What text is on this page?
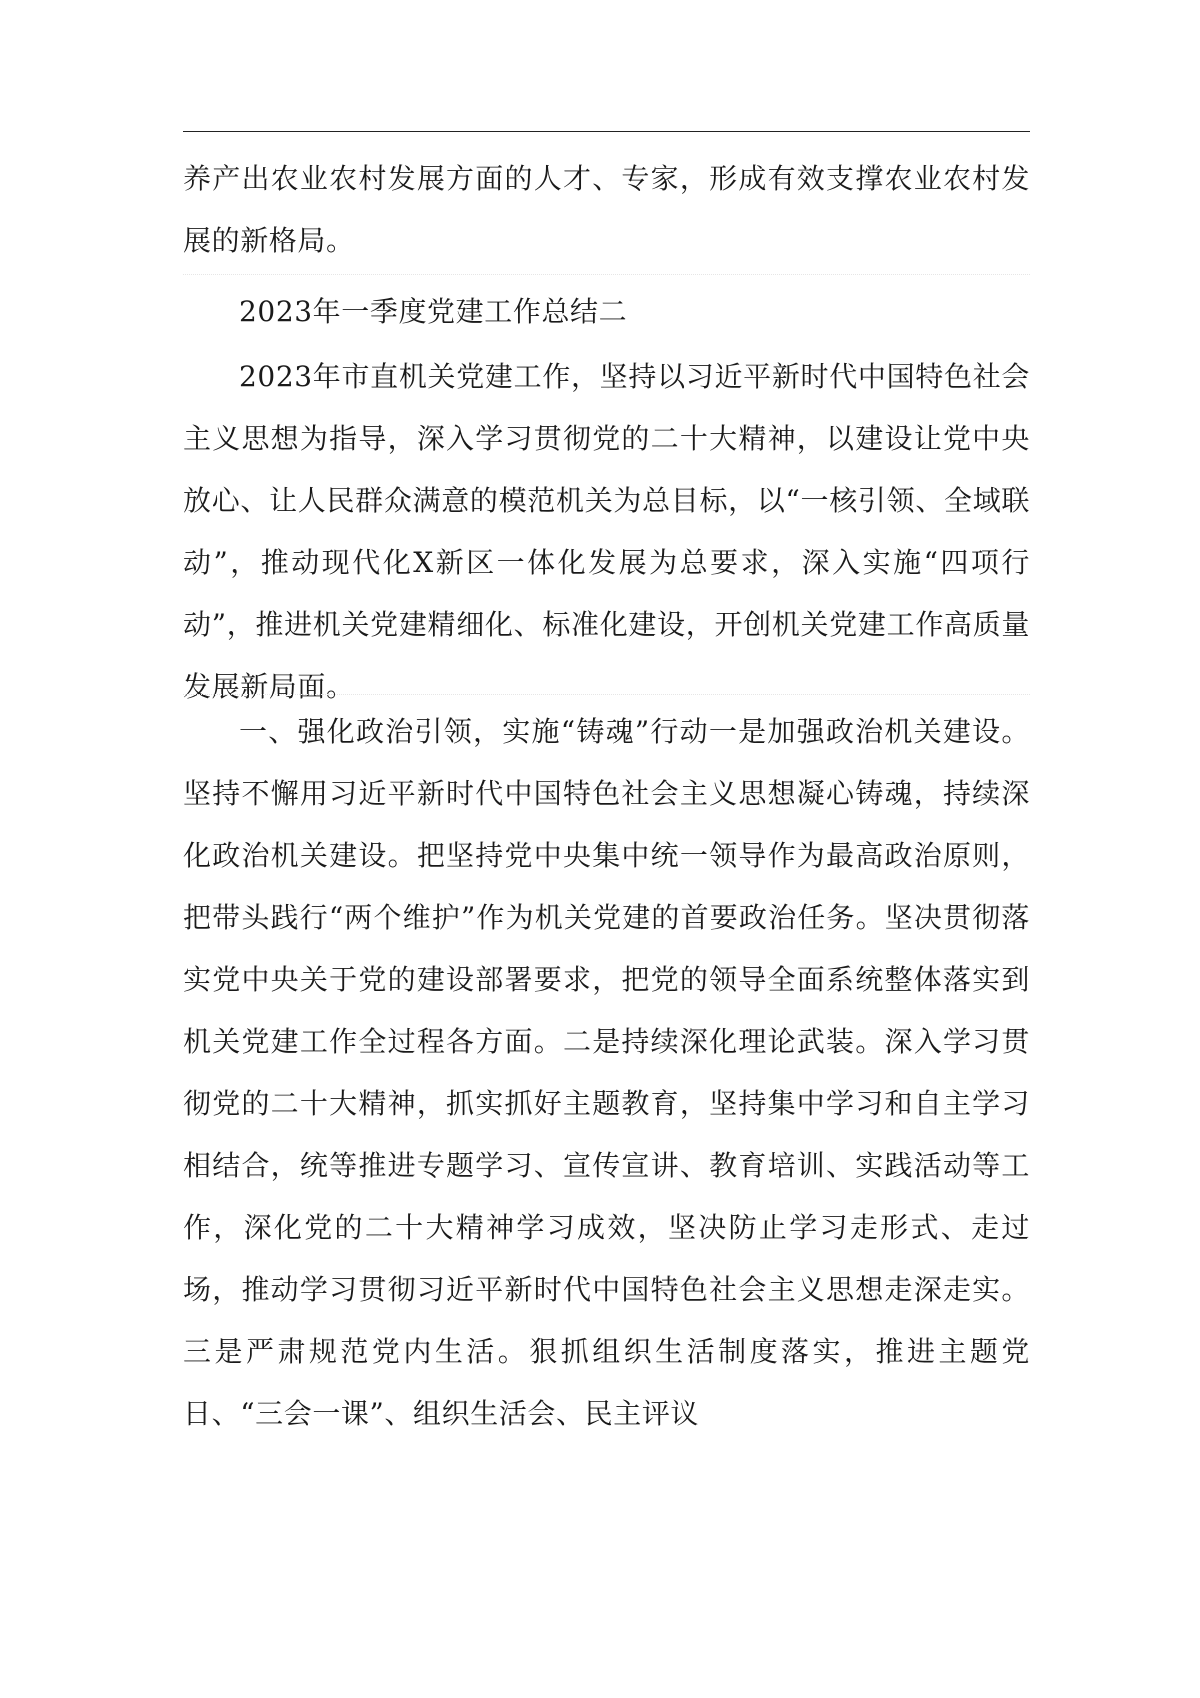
养产出农业农村发展方面的人才、专家，形成有效支撑农业农村发展的新格局。

2023年一季度党建工作总结二

2023年市直机关党建工作，坚持以习近平新时代中国特色社会主义思想为指导，深入学习贯彻党的二十大精神，以建设让党中央放心、让人民群众满意的模范机关为总目标，以“一核引领、全域联动”，推动现代化X新区一体化发展为总要求，深入实施“四项行动”，推进机关党建精细化、标准化建设，开创机关党建工作高质量发展新局面。

一、强化政治引领，实施“铸魂”行动一是加强政治机关建设。坚持不懈用习近平新时代中国特色社会主义思想凝心铸魂，持续深化政治机关建设。把坚持党中央集中统一领导作为最高政治原则，把带头践行“两个维护”作为机关党建的首要政治任务。坚决贯彻落实党中央关于党的建设部署要求，把党的领导全面系统整体落实到机关党建工作全过程各方面。二是持续深化理论武装。深入学习贯彻党的二十大精神，抓实抓好主题教育，坚持集中学习和自主学习相结合，统等推进专题学习、宣传宣讲、教育培训、实践活动等工作，深化党的二十大精神学习成效，坚决防止学习走形式、走过场，推动学习贯彻习近平新时代中国特色社会主义思想走深走实。三是严肃规范党内生活。狠抓组织生活制度落实，推进主题党日、“三会一课”、组织生活会、民主评议
